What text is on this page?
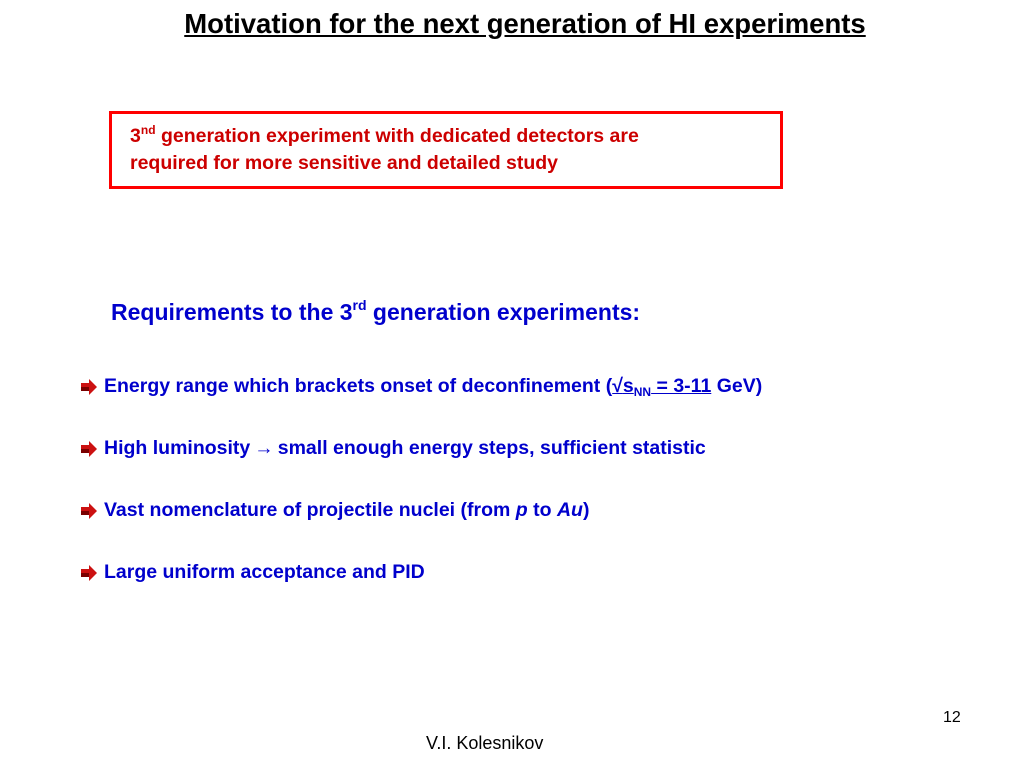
Motivation for the next generation of HI experiments
3nd generation experiment with dedicated detectors are
required for more sensitive and detailed study
Requirements to the 3rd generation experiments:
Energy range which brackets onset of deconfinement ($√s_{NN} = 3-11$ GeV)
High luminosity → small enough energy steps, sufficient statistic
Vast nomenclature of projectile nuclei (from p to Au)
Large uniform acceptance and PID
12
V.I. Kolesnikov
